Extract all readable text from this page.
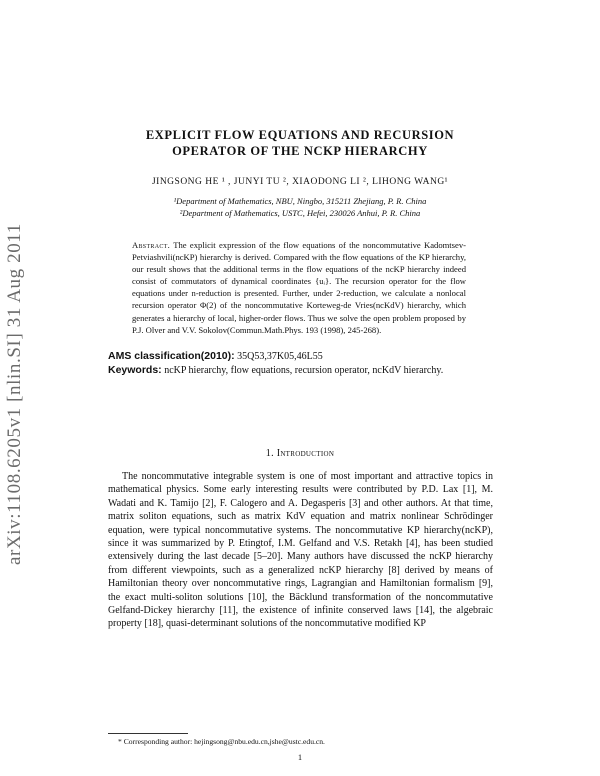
arXiv:1108.6205v1 [nlin.SI] 31 Aug 2011
EXPLICIT FLOW EQUATIONS AND RECURSION
OPERATOR OF THE NCKP HIERARCHY
JINGSONG HE ¹ , JUNYI TU ², XIAODONG LI ², LIHONG WANG¹
¹Department of Mathematics, NBU, Ningbo, 315211 Zhejiang, P. R. China
²Department of Mathematics, USTC, Hefei, 230026 Anhui, P. R. China
Abstract. The explicit expression of the flow equations of the noncommutative Kadomtsev-Petviashvili(ncKP) hierarchy is derived. Compared with the flow equations of the KP hierarchy, our result shows that the additional terms in the flow equations of the ncKP hierarchy indeed consist of commutators of dynamical coordinates {uᵢ}. The recursion operator for the flow equations under n-reduction is presented. Further, under 2-reduction, we calculate a nonlocal recursion operator Φ(2) of the noncommutative Korteweg-de Vries(ncKdV) hierarchy, which generates a hierarchy of local, higher-order flows. Thus we solve the open problem proposed by P.J. Olver and V.V. Sokolov(Commun.Math.Phys. 193 (1998), 245-268).
AMS classification(2010): 35Q53,37K05,46L55
Keywords: ncKP hierarchy, flow equations, recursion operator, ncKdV hierarchy.
1. Introduction
The noncommutative integrable system is one of most important and attractive topics in mathematical physics. Some early interesting results were contributed by P.D. Lax [1], M. Wadati and K. Tamijo [2], F. Calogero and A. Degasperis [3] and other authors. At that time, matrix soliton equations, such as matrix KdV equation and matrix nonlinear Schrödinger equation, were typical noncommutative systems. The noncommutative KP hierarchy(ncKP), since it was summarized by P. Etingtof, I.M. Gelfand and V.S. Retakh [4], has been studied extensively during the last decade [5–20]. Many authors have discussed the ncKP hierarchy from different viewpoints, such as a generalized ncKP hierarchy [8] derived by means of Hamiltonian theory over noncommutative rings, Lagrangian and Hamiltonian formalism [9], the exact multi-soliton solutions [10], the Bäcklund transformation of the noncommutative Gelfand-Dickey hierarchy [11], the existence of infinite conserved laws [14], the algebraic property [18], quasi-determinant solutions of the noncommutative modified KP
* Corresponding author: hejingsong@nbu.edu.cn,jshe@ustc.edu.cn.
1
